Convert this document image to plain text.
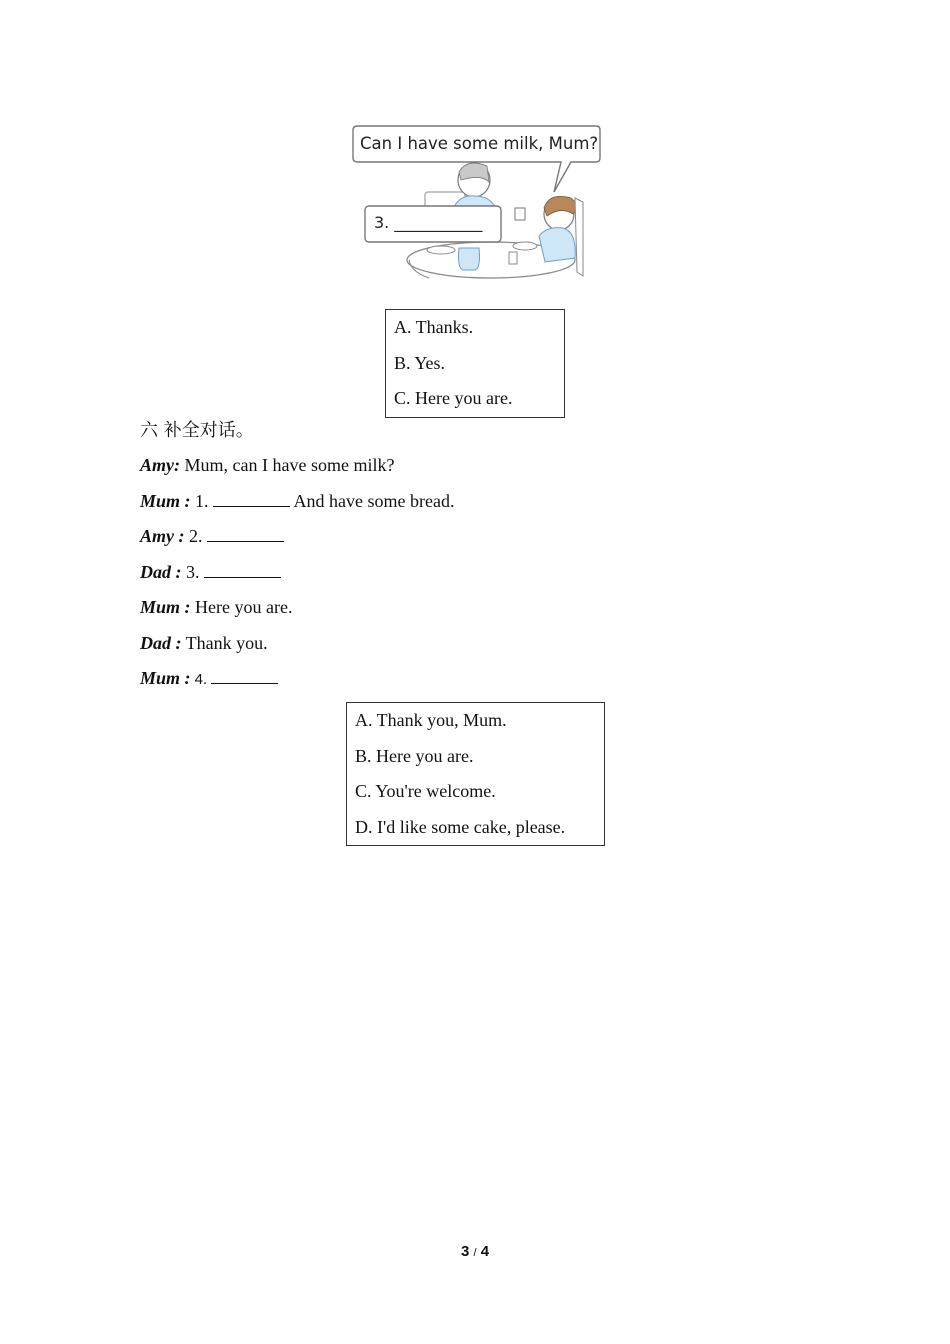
Can I have some milk, Mum?
3. ___________
A. Thanks.
B. Yes.
C. Here you are.
六 补全对话。
Amy: Mum, can I have some milk?
Mum : 1.	And have some bread.
Amy : 2.
Dad : 3.
Mum : Here you are.
Dad : Thank you.
Mum : 4.
A. Thank you, Mum.
B. Here you are.
C. You're welcome.
D. I'd like some cake, please.
3 / 4
